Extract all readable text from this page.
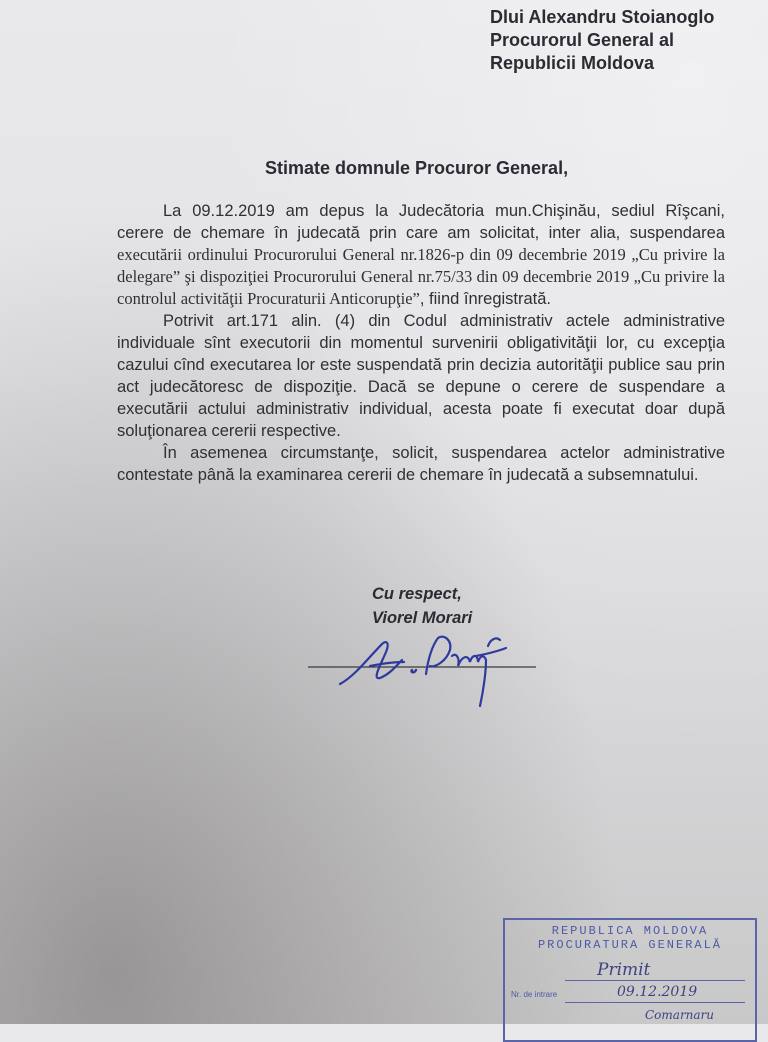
Dlui Alexandru Stoianoglo
Procurorul General al
Republicii Moldova
Stimate domnule Procuror General,

La 09.12.2019 am depus la Judecătoria mun.Chişinău, sediul Rîşcani, cerere de chemare în judecată prin care am solicitat, inter alia, suspendarea executării ordinului Procurorului General nr.1826-p din 09 decembrie 2019 „Cu privire la delegare” şi dispoziţiei Procurorului General nr.75/33 din 09 decembrie 2019 „Cu privire la controlul activităţii Procuraturii Anticorupţie”, fiind înregistrată.

Potrivit art.171 alin. (4) din Codul administrativ actele administrative individuale sînt executorii din momentul survenirii obligativităţii lor, cu excepţia cazului cînd executarea lor este suspendată prin decizia autorităţii publice sau prin act judecătoresc de dispoziţie. Dacă se depune o cerere de suspendare a executării actului administrativ individual, acesta poate fi executat doar după soluţionarea cererii respective.

În asemenea circumstanţe, solicit, suspendarea actelor administrative contestate până la examinarea cererii de chemare în judecată a subsemnatului.

Cu respect,
Viorel Morari
REPUBLICA MOLDOVA
PROCURATURA GENERALĂ
Primit
Nr. de intrare	09.12.2019
Comarnaru
